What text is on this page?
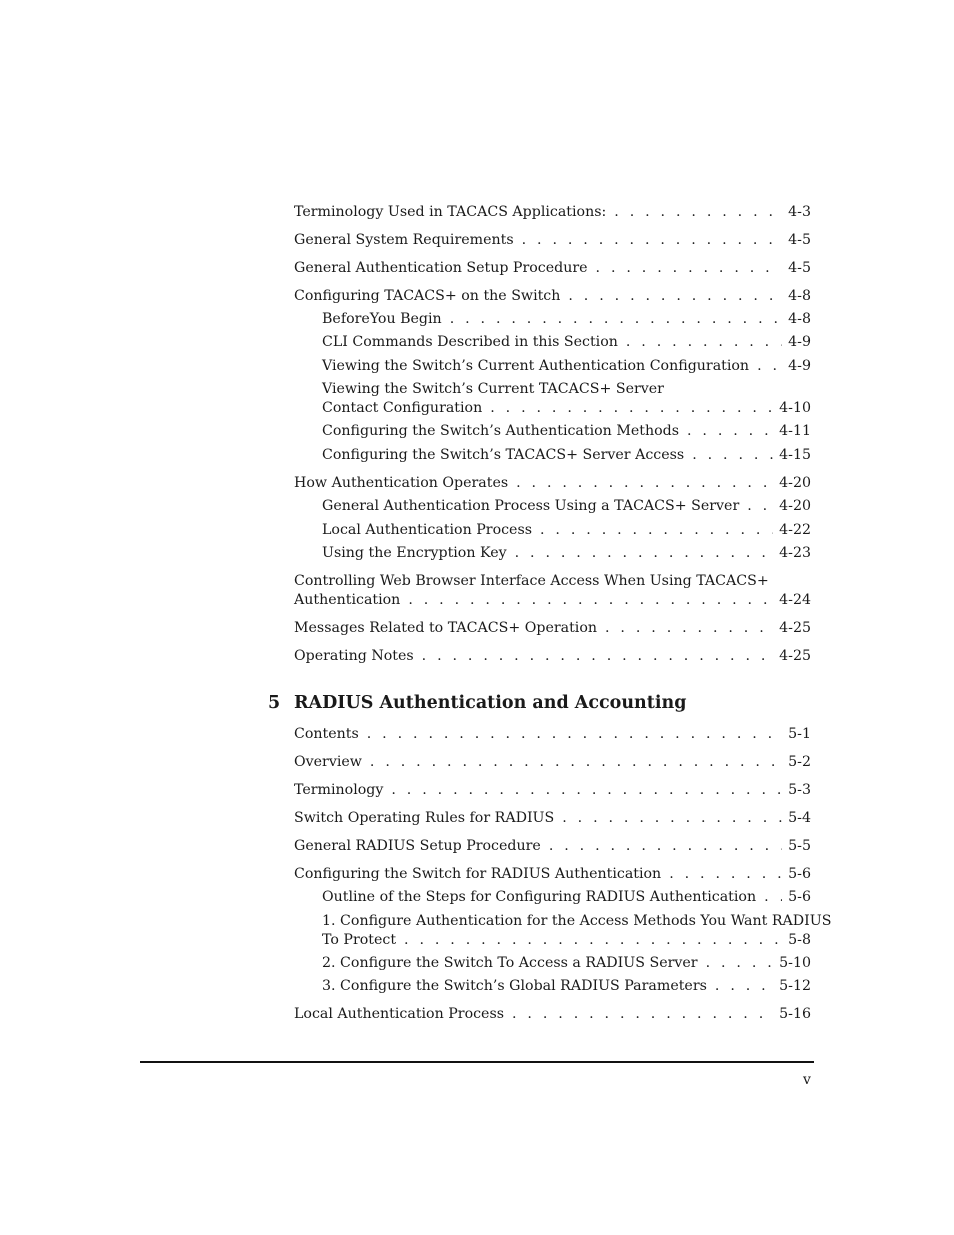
Terminology Used in TACACS Applications: . . .	4-3
General System Requirements . . .	4-5
General Authentication Setup Procedure . . .	4-5
Configuring TACACS+ on the Switch . . .	4-8
BeforeYou Begin . . .	4-8
CLI Commands Described in this Section . . .	4-9
Viewing the Switch’s Current Authentication Configuration . . .	4-9
Viewing the Switch’s Current TACACS+ Server
Contact Configuration . . .	4-10
Configuring the Switch’s Authentication Methods . . .	4-11
Configuring the Switch’s TACACS+ Server Access . . .	4-15
How Authentication Operates . . .	4-20
General Authentication Process Using a TACACS+ Server . . .	4-20
Local Authentication Process . . .	4-22
Using the Encryption Key . . .	4-23
Controlling Web Browser Interface Access When Using TACACS+
Authentication . . .	4-24
Messages Related to TACACS+ Operation . . .	4-25
Operating Notes . . .	4-25
5 RADIUS Authentication and Accounting
Contents . . .	5-1
Overview . . .	5-2
Terminology . . .	5-3
Switch Operating Rules for RADIUS . . .	5-4
General RADIUS Setup Procedure . . .	5-5
Configuring the Switch for RADIUS Authentication . . .	5-6
Outline of the Steps for Configuring RADIUS Authentication . . . 5-6
1. Configure Authentication for the Access Methods You Want RADIUS
To Protect . . .	5-8
2. Configure the Switch To Access a RADIUS Server . . .	5-10
3. Configure the Switch’s Global RADIUS Parameters . . .	5-12
Local Authentication Process . . .	5-16
v
